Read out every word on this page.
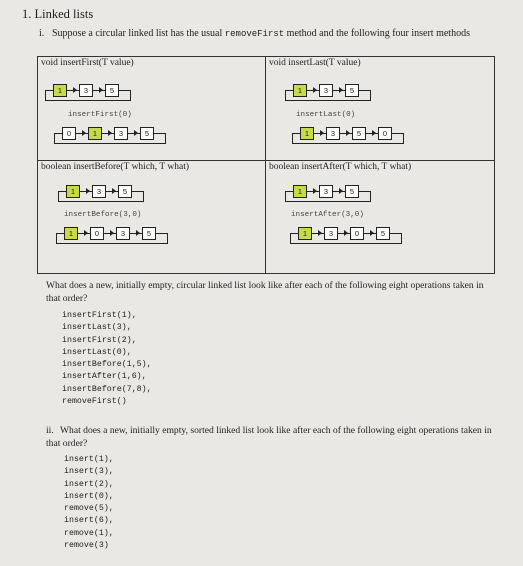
1. Linked lists
i. Suppose a circular linked list has the usual removeFirst method and the following four insert methods
void insertFirst(T value)	void insertLast(T value)
boolean insertBefore(T which, T what)	boolean insertAfter(T which, T what)
insertFirst(0)	insertLast(0)
insertBefore(3,0)	insertAfter(3,0)
1	3	5
0	1	3	5
1	3	5
1	3	5	0
1	3	5
1	0	3	5
1	3	5
1	3	0	5
What does a new, initially empty, circular linked list look like after each of the following eight operations taken in that order?
insertFirst(1),
insertLast(3),
insertFirst(2),
insertLast(0),
insertBefore(1,5),
insertAfter(1,6),
insertBefore(7,8),
removeFirst()
ii. What does a new, initially empty, sorted linked list look like after each of the following eight operations taken in that order?
insert(1),
insert(3),
insert(2),
insert(0),
remove(5),
insert(6),
remove(1),
remove(3)
